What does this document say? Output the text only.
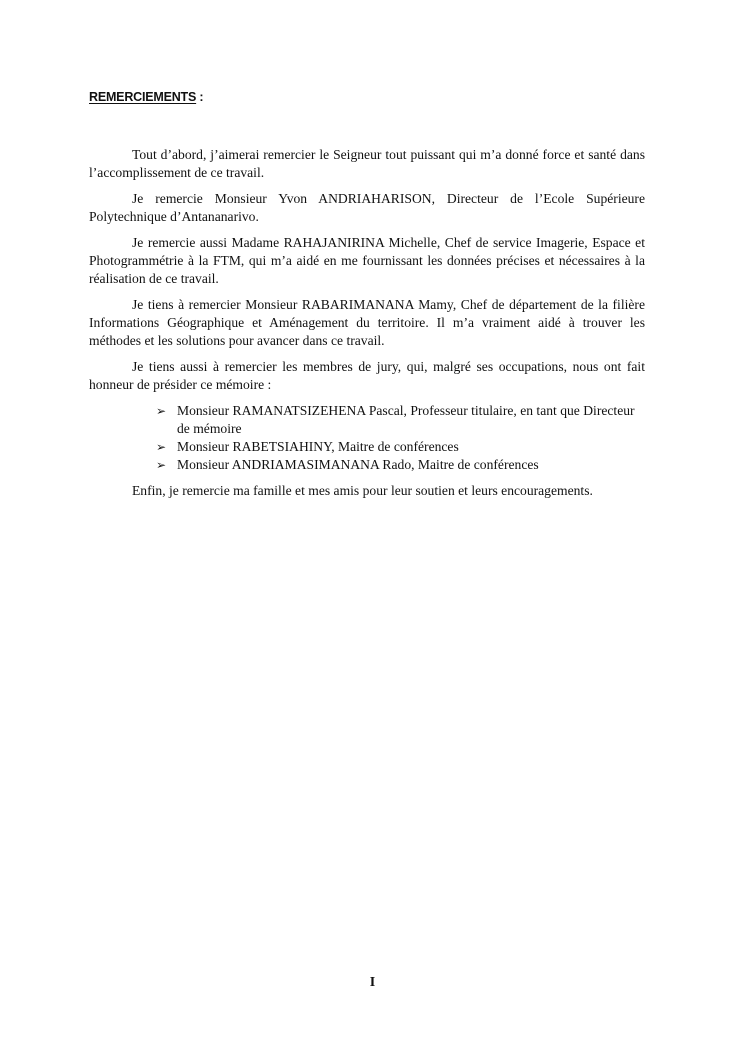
REMERCIEMENTS :

Tout d’abord, j’aimerai remercier le Seigneur tout puissant qui m’a donné force et santé dans l’accomplissement de ce travail.

Je remercie Monsieur Yvon ANDRIAHARISON, Directeur de l’Ecole Supérieure Polytechnique d’Antananarivo.

Je remercie aussi Madame RAHAJANIRINA Michelle, Chef de service Imagerie, Espace et Photogrammétrie à la FTM, qui m’a aidé en me fournissant les données précises et nécessaires à la réalisation de ce travail.

Je tiens à remercier Monsieur RABARIMANANA Mamy, Chef de département de la filière Informations Géographique et Aménagement du territoire. Il m’a vraiment aidé à trouver les méthodes et les solutions pour avancer dans ce travail.

Je tiens aussi à remercier les membres de jury, qui, malgré ses occupations, nous ont fait honneur de présider ce mémoire :

➢ Monsieur RAMANATSIZEHENA Pascal, Professeur titulaire, en tant que Directeur de mémoire
➢ Monsieur RABETSIAHINY, Maitre de conférences
➢ Monsieur ANDRIAMASIMANANA Rado, Maitre de conférences

Enfin, je remercie ma famille et mes amis pour leur soutien et leurs encouragements.

I
